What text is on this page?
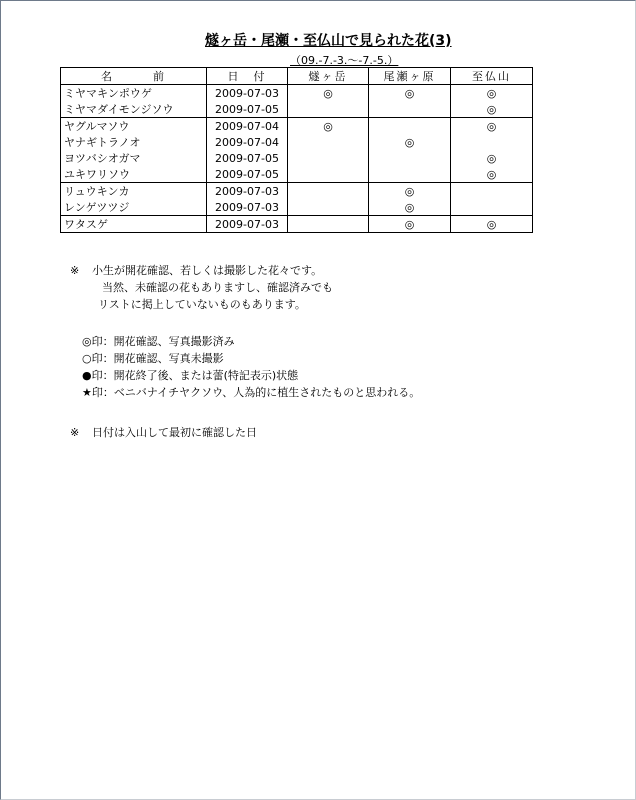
燧ヶ岳・尾瀬・至仏山で見られた花(3)
（09.-7.-3.～-7.-5.）
名　　　前	日　付	燧ヶ岳	尾瀬ヶ原	至仏山
ミヤマキンポウゲ	2009-07-03	◎	◎	◎
ミヤマダイモンジソウ	2009-07-05			◎
ヤグルマソウ	2009-07-04	◎		◎
ヤナギトラノオ	2009-07-04		◎	
ヨツバシオガマ	2009-07-05			◎
ユキワリソウ	2009-07-05			◎
リュウキンカ	2009-07-03		◎	
レンゲツツジ	2009-07-03		◎	
ワタスゲ	2009-07-03		◎	◎
※ 小生が開花確認、若しくは撮影した花々です。
当然、未確認の花もありますし、確認済みでも
リストに掲上していないものもあります。
◎印：開花確認、写真撮影済み
○印：開花確認、写真未撮影
●印：開花終了後、または蕾(特記表示)状態
★印：ベニバナイチヤクソウ、人為的に植生されたものと思われる。
※ 日付は入山して最初に確認した日
